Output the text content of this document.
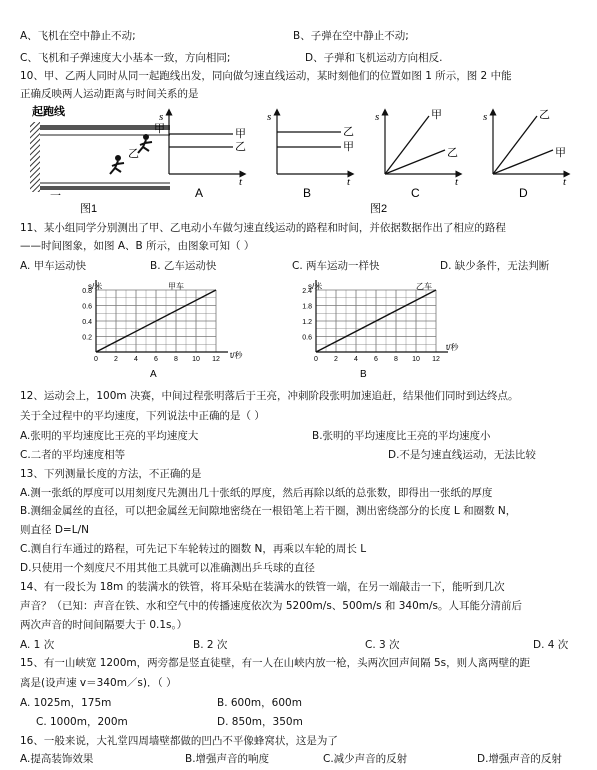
A、飞机在空中静止不动;	B、子弹在空中静止不动;
C、飞机和子弹速度大小基本一致，方向相同;	D、子弹和飞机运动方向相反.
10、甲、乙两人同时从同一起跑线出发，同向做匀速直线运动，某时刻他们的位置如图 1 所示，图 2 中能
正确反映两人运动距离与时间关系的是
起跑线
甲
乙
一
图1
s
t
甲
乙
A
s
t
乙
甲
B
s
t
甲
乙
C
s
t
乙
甲
D
图2
11、某小组同学分别测出了甲、乙电动小车做匀速直线运动的路程和时间，并依据数据作出了相应的路程
——时间图象，如图 A、B 所示，由图象可知（ ）
A. 甲车运动快	B. 乙车运动快	C. 两车运动一样快	D. 缺少条件，无法判断
s/米	甲车
0.8
0.6
0.4
0.2
0 2 4 6 8 10 12 t/秒
A
s/米	乙车
2.4
1.8
1.2
0.6
0 2 4 6 8 10 12
t/秒
B
12、运动会上，100m 决赛，中间过程张明落后于王亮，冲刺阶段张明加速追赶，结果他们同时到达终点。
关于全过程中的平均速度，下列说法中正确的是（ ）
A.张明的平均速度比王亮的平均速度大	B.张明的平均速度比王亮的平均速度小
C.二者的平均速度相等	D.不是匀速直线运动，无法比较
13、下列测量长度的方法，不正确的是
A.测一张纸的厚度可以用刻度尺先测出几十张纸的厚度，然后再除以纸的总张数，即得出一张纸的厚度
B.测细金属丝的直径，可以把金属丝无间隙地密绕在一根铅笔上若干圈，测出密绕部分的长度 L 和圈数 N，
则直径 D=L/N
C.测自行车通过的路程，可先记下车轮转过的圈数 N，再乘以车轮的周长 L
D.只使用一个刻度尺不用其他工具就可以准确测出乒乓球的直径
14、有一段长为 18m 的装满水的铁管，将耳朵贴在装满水的铁管一端，在另一端敲击一下，能听到几次
声音？（已知：声音在铁、水和空气中的传播速度依次为 5200m/s、500m/s 和 340m/s。人耳能分清前后
两次声音的时间间隔要大于 0.1s。）
A. 1 次	B. 2 次	C. 3 次	D. 4 次
15、有一山峡宽 1200m，两旁都是竖直徒壁，有一人在山峡内放一枪，头两次回声间隔 5s，则人离两壁的距
离是(设声速 v＝340m／s)．（ ）
A. 1025m，175m	B. 600m，600m
C. 1000m，200m	D. 850m，350m
16、一般来说，大礼堂四周墙壁都做的凹凸不平像蜂窝状，这是为了
A.提高装饰效果	B.增强声音的响度	C.减少声音的反射	D.增强声音的反射
